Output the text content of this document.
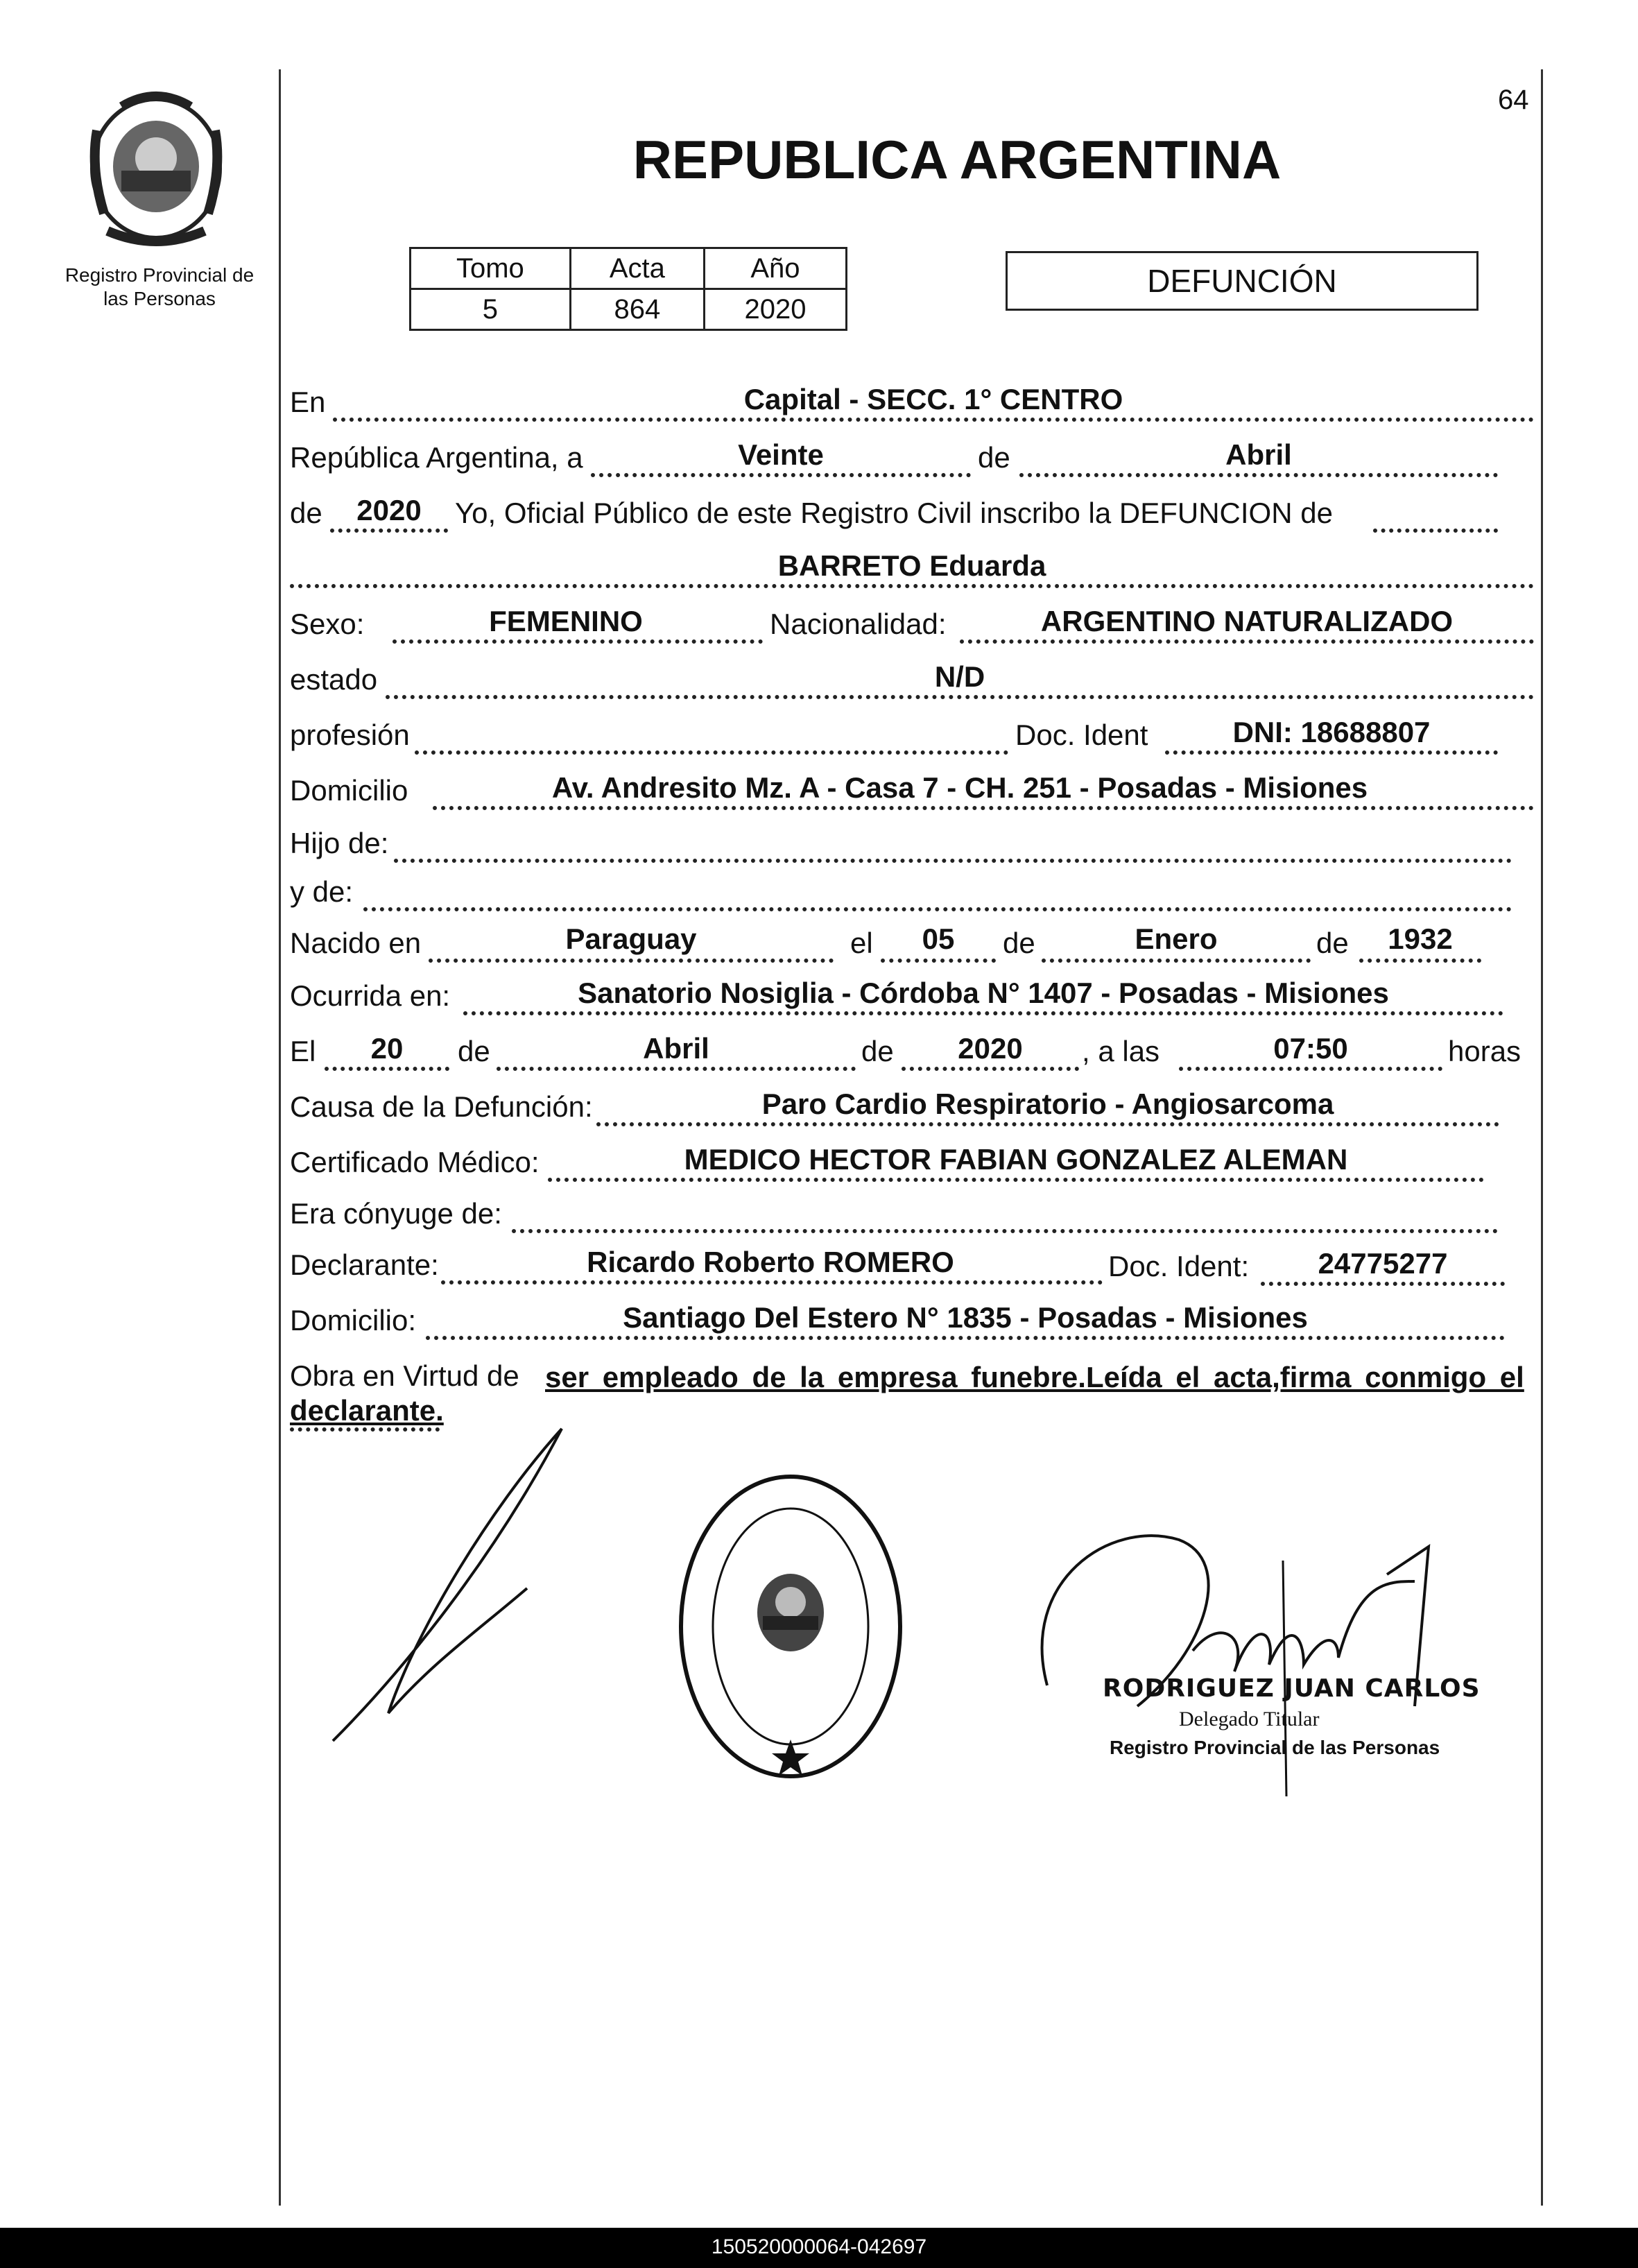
64
Registro Provincial de
las Personas
REPUBLICA ARGENTINA
Tomo	Acta	Año
5	864	2020
DEFUNCIÓN
En	Capital - SECC. 1° CENTRO
República Argentina, a	Veinte	de	Abril
de	2020	Yo, Oficial Público de este Registro Civil inscribo la DEFUNCION de
BARRETO Eduarda
Sexo:	FEMENINO	Nacionalidad:	ARGENTINO NATURALIZADO
estado	N/D
profesión	Doc. Ident	DNI: 18688807
Domicilio	Av. Andresito Mz. A - Casa 7 - CH. 251 - Posadas - Misiones
Hijo de:
y de:
Nacido en	Paraguay	el	05	de	Enero	de	1932
Ocurrida en:	Sanatorio Nosiglia - Córdoba N° 1407 - Posadas - Misiones
El	20	de	Abril	de	2020	, a las	07:50	horas
Causa de la Defunción:	Paro Cardio Respiratorio - Angiosarcoma
Certificado Médico:	MEDICO HECTOR FABIAN GONZALEZ ALEMAN
Era cónyuge de:
Declarante:	Ricardo Roberto ROMERO	Doc. Ident:	24775277
Domicilio:	Santiago Del Estero N° 1835 - Posadas - Misiones
Obra en Virtud de ser empleado de la empresa funebre.Leída el acta,firma conmigo el
declarante.
RODRIGUEZ JUAN CARLOS
Delegado Titular
Registro Provincial de las Personas
150520000064-042697
